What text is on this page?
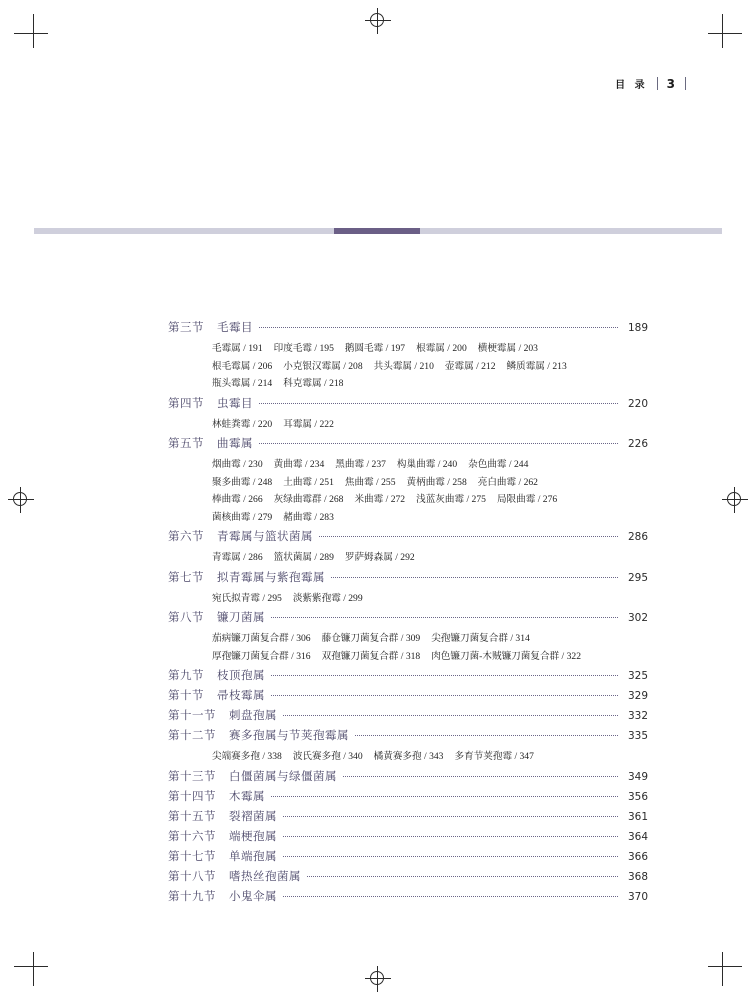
目 录 3
第三节 毛霉目	189
毛霉属 / 191 印度毛霉 / 195 鹅圆毛霉 / 197 根霉属 / 200 横梗霉属 / 203
根毛霉属 / 206 小克银汉霉属 / 208 共头霉属 / 210 壶霉属 / 212 鳞质霉属 / 213
瓶头霉属 / 214 科克霉属 / 218
第四节 虫霉目	220
林蛙粪霉 / 220 耳霉属 / 222
第五节 曲霉属	226
烟曲霉 / 230 黄曲霉 / 234 黑曲霉 / 237 构巢曲霉 / 240 杂色曲霉 / 244
聚多曲霉 / 248 土曲霉 / 251 焦曲霉 / 255 黄柄曲霉 / 258 亮白曲霉 / 262
棒曲霉 / 266 灰绿曲霉群 / 268 米曲霉 / 272 浅蓝灰曲霉 / 275 局限曲霉 / 276
菌核曲霉 / 279 赭曲霉 / 283
第六节 青霉属与篮状菌属	286
青霉属 / 286 篮状菌属 / 289 罗萨姆森属 / 292
第七节 拟青霉属与紫孢霉属	295
宛氏拟青霉 / 295 淡紫紫孢霉 / 299
第八节 镰刀菌属	302
茄病镰刀菌复合群 / 306 藤仓镰刀菌复合群 / 309 尖孢镰刀菌复合群 / 314
厚孢镰刀菌复合群 / 316 双孢镰刀菌复合群 / 318 肉色镰刀菌-木贼镰刀菌复合群 / 322
第九节 枝顶孢属	325
第十节 帚枝霉属	329
第十一节 刺盘孢属	332
第十二节 赛多孢属与节荚孢霉属	335
尖端赛多孢 / 338 波氏赛多孢 / 340 橘黄赛多孢 / 343 多育节荚孢霉 / 347
第十三节 白僵菌属与绿僵菌属	349
第十四节 木霉属	356
第十五节 裂褶菌属	361
第十六节 端梗孢属	364
第十七节 单端孢属	366
第十八节 嗜热丝孢菌属	368
第十九节 小鬼伞属	370
